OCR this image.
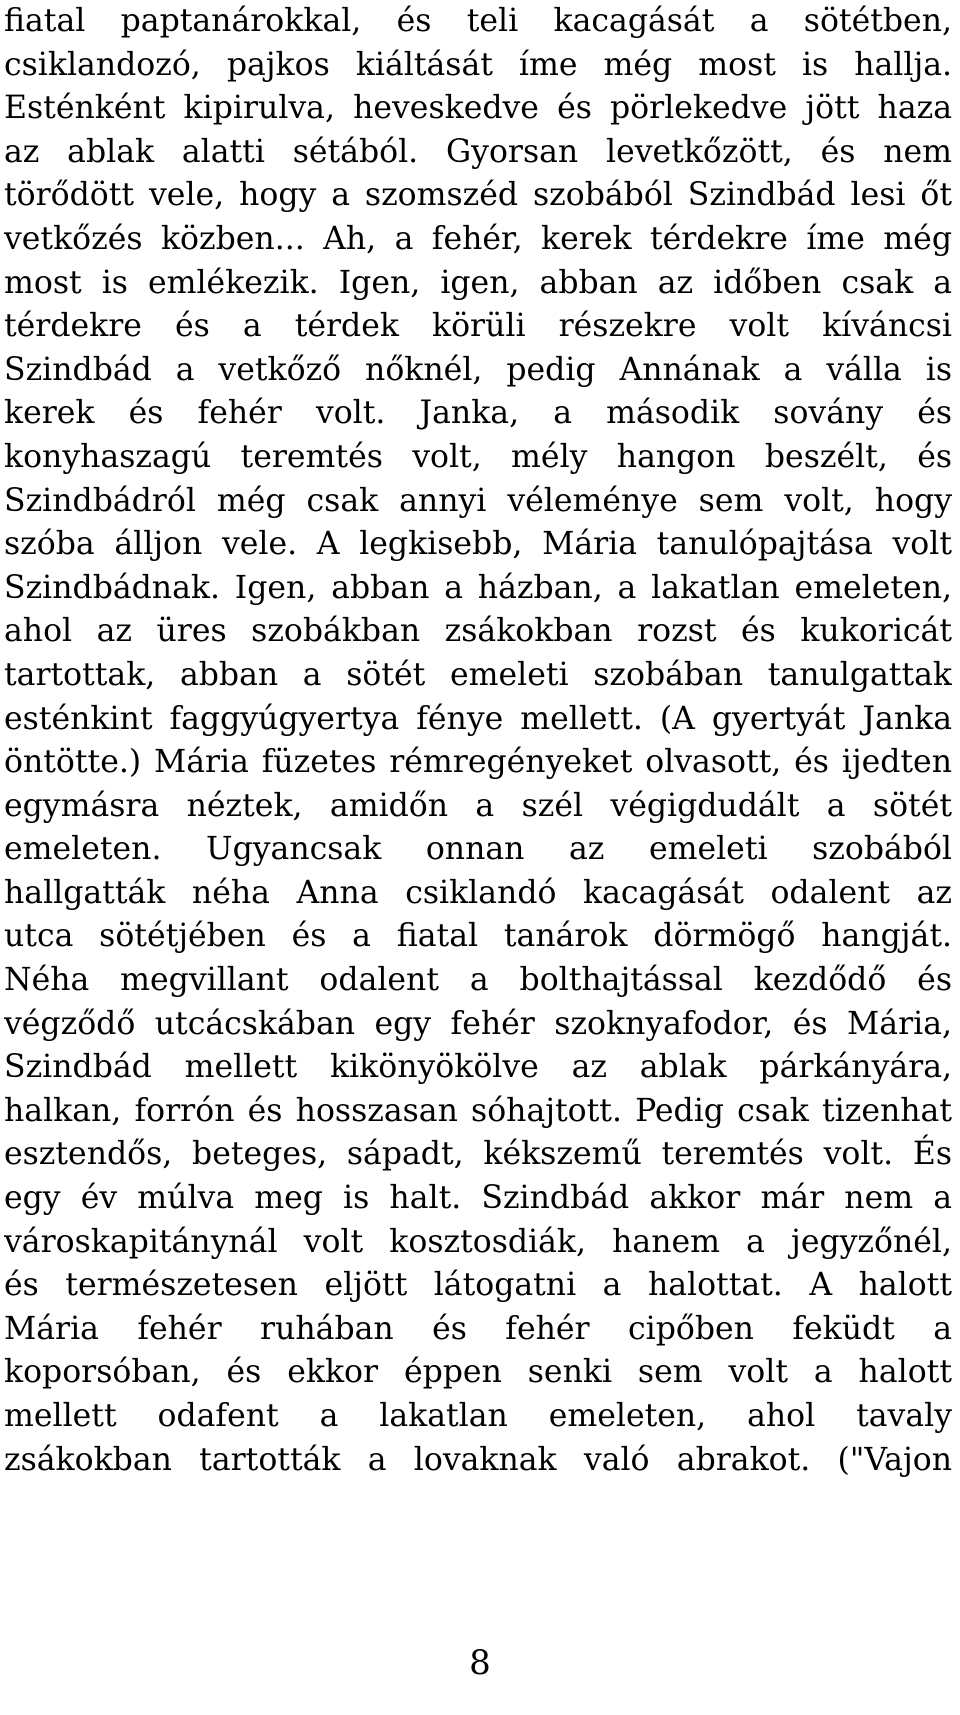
fiatal paptanárokkal, és teli kacagását a sötétben,
csiklandozó, pajkos kiáltását íme még most is hallja.
Esténként kipirulva, heveskedve és pörlekedve jött haza
az ablak alatti sétából. Gyorsan levetkőzött, és nem
törődött vele, hogy a szomszéd szobából Szindbád lesi őt
vetkőzés közben... Ah, a fehér, kerek térdekre íme még
most is emlékezik. Igen, igen, abban az időben csak a
térdekre és a térdek körüli részekre volt kíváncsi
Szindbád a vetkőző nőknél, pedig Annának a válla is
kerek és fehér volt. Janka, a második sovány és
konyhaszagú teremtés volt, mély hangon beszélt, és
Szindbádról még csak annyi véleménye sem volt, hogy
szóba álljon vele. A legkisebb, Mária tanulópajtása volt
Szindbádnak. Igen, abban a házban, a lakatlan emeleten,
ahol az üres szobákban zsákokban rozst és kukoricát
tartottak, abban a sötét emeleti szobában tanulgattak
esténkint faggyúgyertya fénye mellett. (A gyertyát Janka
öntötte.) Mária füzetes rémregényeket olvasott, és ijedten
egymásra néztek, amidőn a szél végigdudált a sötét
emeleten. Ugyancsak onnan az emeleti szobából
hallgatták néha Anna csiklandó kacagását odalent az
utca sötétjében és a fiatal tanárok dörmögő hangját.
Néha megvillant odalent a bolthajtással kezdődő és
végződő utcácskában egy fehér szoknyafodor, és Mária,
Szindbád mellett kikönyökölve az ablak párkányára,
halkan, forrón és hosszasan sóhajtott. Pedig csak tizenhat
esztendős, beteges, sápadt, kékszemű teremtés volt. És
egy év múlva meg is halt. Szindbád akkor már nem a
városkapitánynál volt kosztosdiák, hanem a jegyzőnél,
és természetesen eljött látogatni a halottat. A halott
Mária fehér ruhában és fehér cipőben feküdt a
koporsóban, és ekkor éppen senki sem volt a halott
mellett odafent a lakatlan emeleten, ahol tavaly
zsákokban tartották a lovaknak való abrakot. ("Vajon
8
